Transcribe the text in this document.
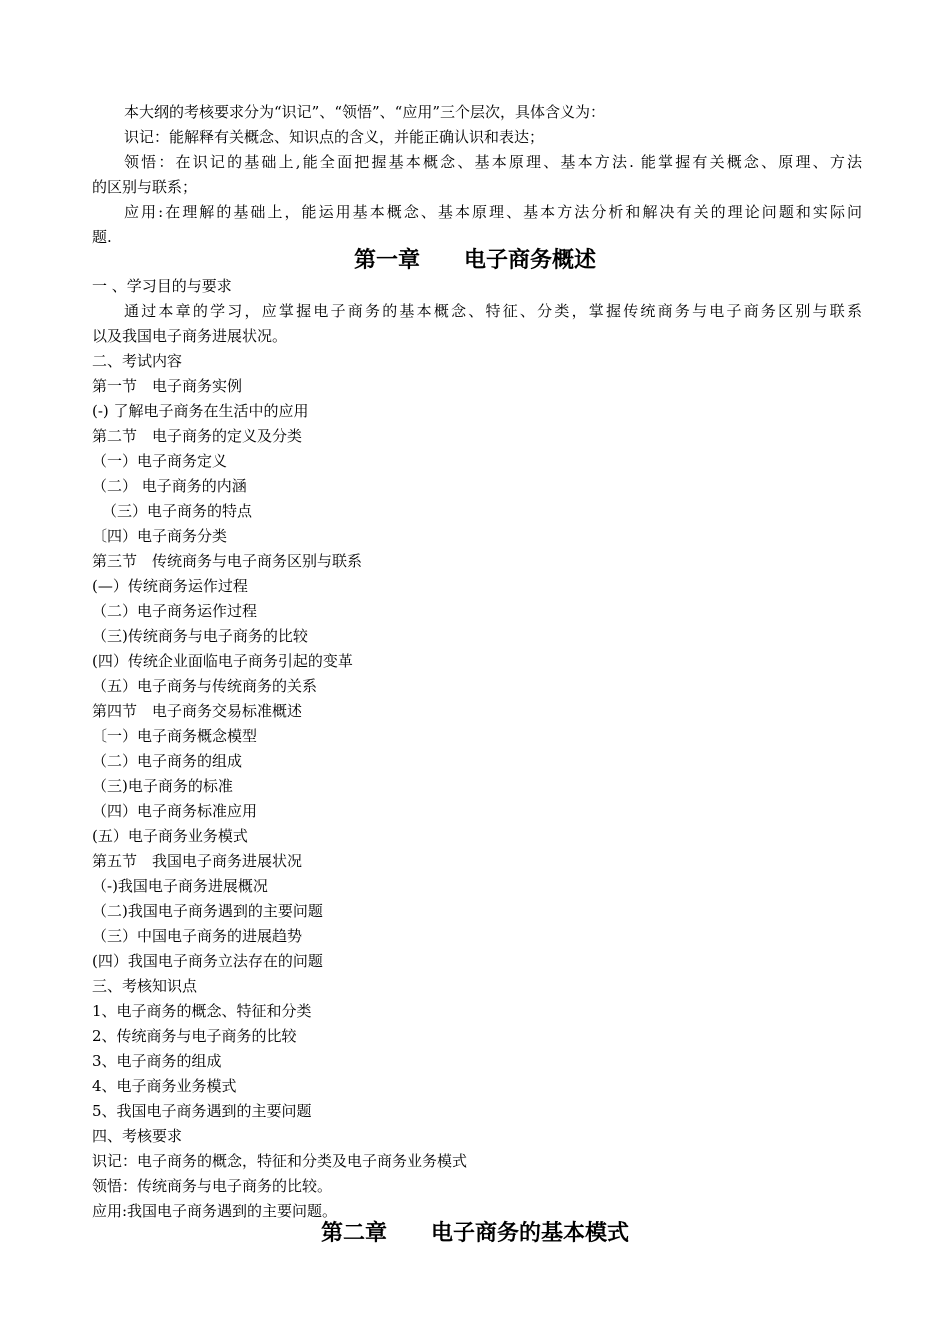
本大纲的考核要求分为“识记”、“领悟”、“应用”三个层次，具体含义为：
识记：能解释有关概念、知识点的含义，并能正确认识和表达；
领悟：在识记的基础上,能全面把握基本概念、基本原理、基本方法. 能掌握有关概念、原理、方法
的区别与联系；
应用:在理解的基础上，能运用基本概念、基本原理、基本方法分析和解决有关的理论问题和实际问
题.
第一章　　电子商务概述
一 、学习目的与要求
通过本章的学习，应掌握电子商务的基本概念、特征、分类，掌握传统商务与电子商务区别与联系
以及我国电子商务进展状况。
二、考试内容
第一节　电子商务实例
(-) 了解电子商务在生活中的应用
第二节　电子商务的定义及分类
（一）电子商务定义
（二） 电子商务的内涵
（三）电子商务的特点
〔四）电子商务分类
第三节　传统商务与电子商务区别与联系
(—）传统商务运作过程
（二）电子商务运作过程
（三)传统商务与电子商务的比较
(四）传统企业面临电子商务引起的变革
（五）电子商务与传统商务的关系
第四节　电子商务交易标准概述
〔一）电子商务概念模型
（二）电子商务的组成
（三)电子商务的标准
（四）电子商务标准应用
(五）电子商务业务模式
第五节　我国电子商务进展状况
（-)我国电子商务进展概况
（二)我国电子商务遇到的主要问题
（三）中国电子商务的进展趋势
(四）我国电子商务立法存在的问题
三、考核知识点
1、电子商务的概念、特征和分类
2、传统商务与电子商务的比较
3、电子商务的组成
4、电子商务业务模式
5、我国电子商务遇到的主要问题
四、考核要求
识记：电子商务的概念，特征和分类及电子商务业务模式
领悟：传统商务与电子商务的比较。
应用:我国电子商务遇到的主要问题。
第二章　　电子商务的基本模式
